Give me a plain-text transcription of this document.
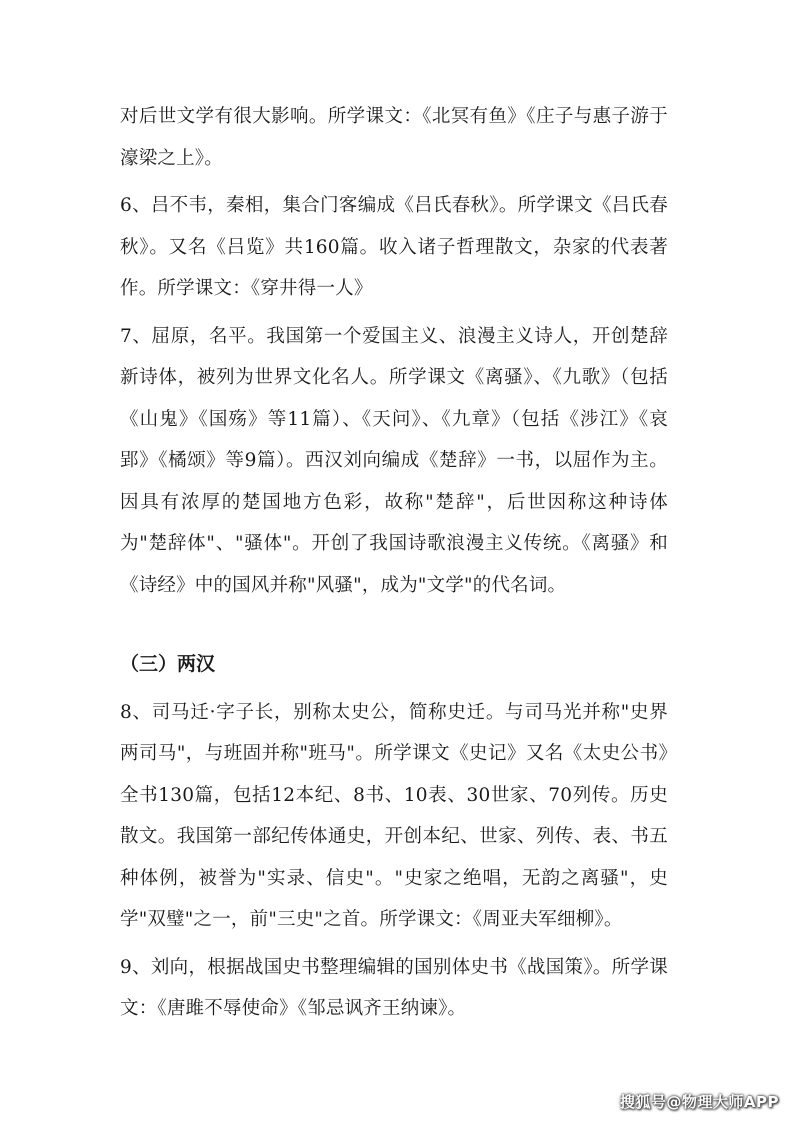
对后世文学有很大影响。所学课文：《北冥有鱼》《庄子与惠子游于濠梁之上》。

6、吕不韦，秦相，集合门客编成《吕氏春秋》。所学课文《吕氏春秋》。又名《吕览》共160篇。收入诸子哲理散文，杂家的代表著作。所学课文：《穿井得一人》

7、屈原，名平。我国第一个爱国主义、浪漫主义诗人，开创楚辞新诗体，被列为世界文化名人。所学课文《离骚》、《九歌》（包括《山鬼》《国殇》等11篇）、《天问》、《九章》（包括《涉江》《哀郢》《橘颂》等9篇）。西汉刘向编成《楚辞》一书，以屈作为主。因具有浓厚的楚国地方色彩，故称"楚辞"，后世因称这种诗体为"楚辞体"、"骚体"。开创了我国诗歌浪漫主义传统。《离骚》和《诗经》中的国风并称"风骚"，成为"文学"的代名词。

（三）两汉

8、司马迁·字子长，别称太史公，简称史迁。与司马光并称"史界两司马"，与班固并称"班马"。所学课文《史记》又名《太史公书》全书130篇，包括12本纪、8书、10表、30世家、70列传。历史散文。我国第一部纪传体通史，开创本纪、世家、列传、表、书五种体例，被誉为"实录、信史"。"史家之绝唱，无韵之离骚"，史学"双璧"之一，前"三史"之首。所学课文：《周亚夫军细柳》。

9、刘向，根据战国史书整理编辑的国别体史书《战国策》。所学课文：《唐雎不辱使命》《邹忌讽齐王纳谏》。

搜狐号@物理大师APP
